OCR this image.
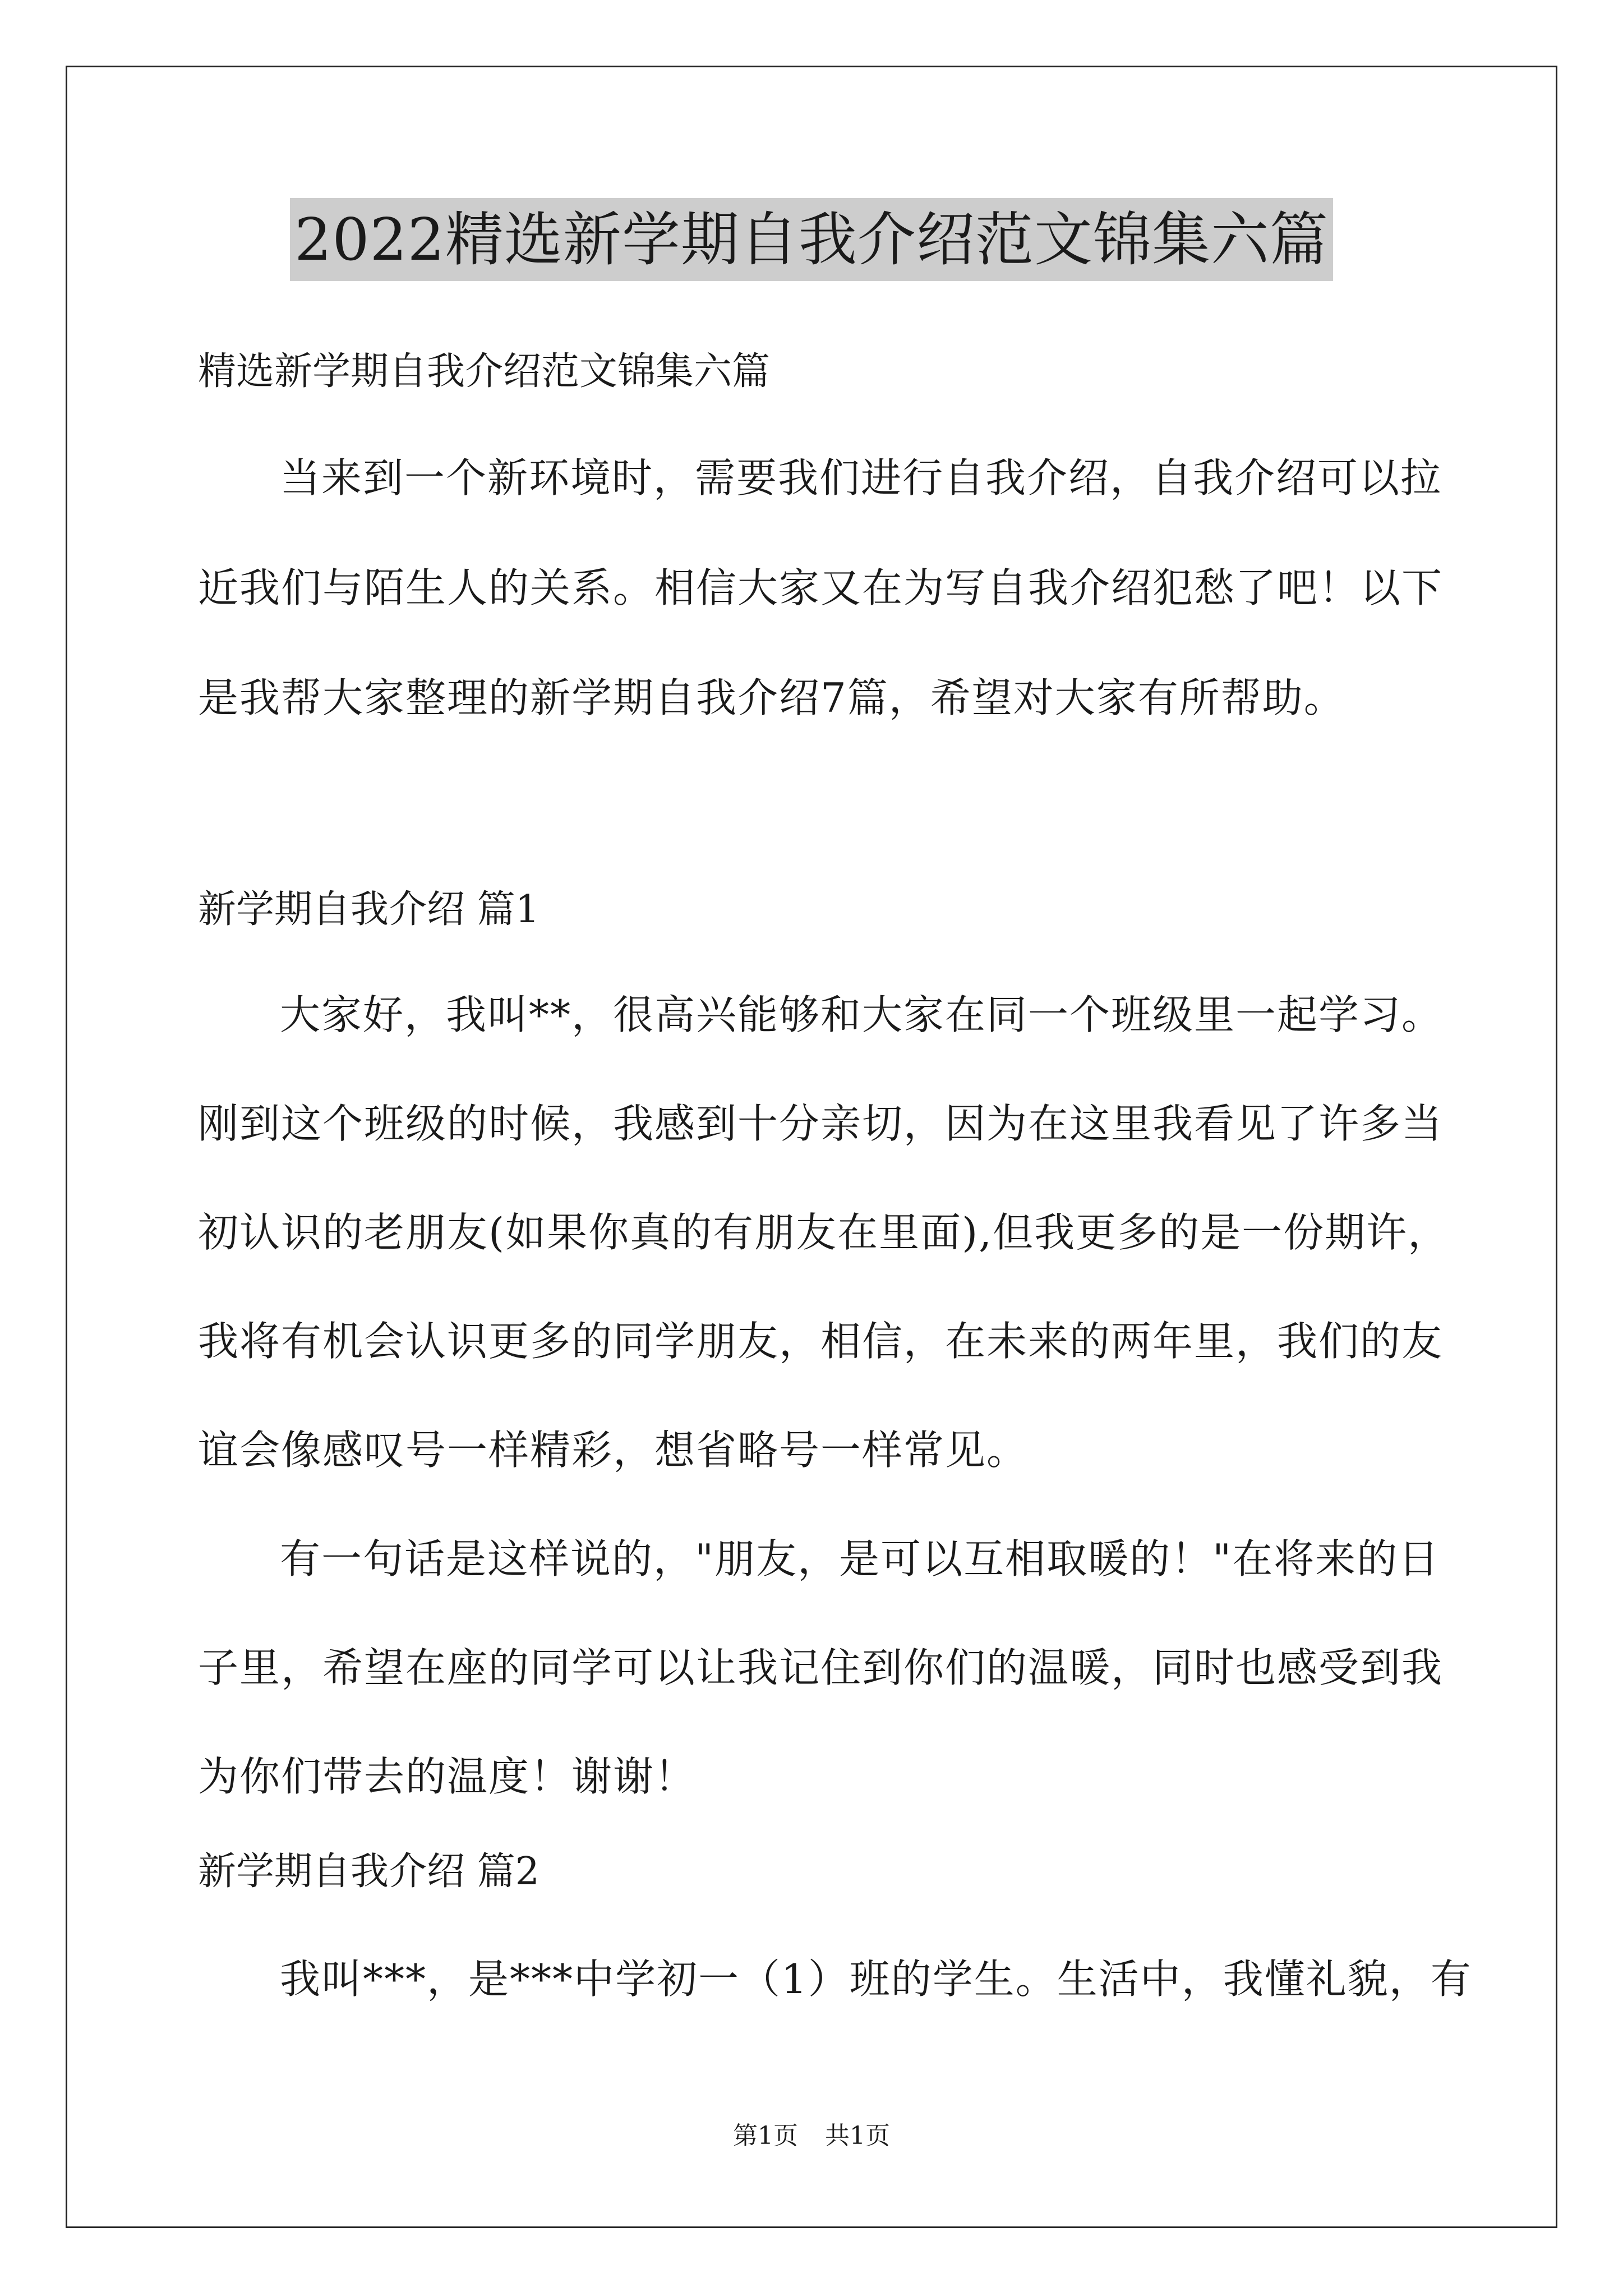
2022精选新学期自我介绍范文锦集六篇
精选新学期自我介绍范文锦集六篇
当来到一个新环境时，需要我们进行自我介绍，自我介绍可以拉
近我们与陌生人的关系。相信大家又在为写自我介绍犯愁了吧！以下
是我帮大家整理的新学期自我介绍7篇，希望对大家有所帮助。
新学期自我介绍 篇1
大家好，我叫**，很高兴能够和大家在同一个班级里一起学习。
刚到这个班级的时候，我感到十分亲切，因为在这里我看见了许多当
初认识的老朋友(如果你真的有朋友在里面),但我更多的是一份期许，
我将有机会认识更多的同学朋友，相信，在未来的两年里，我们的友
谊会像感叹号一样精彩，想省略号一样常见。
有一句话是这样说的，"朋友，是可以互相取暖的！"在将来的日
子里，希望在座的同学可以让我记住到你们的温暖，同时也感受到我
为你们带去的温度！谢谢！
新学期自我介绍 篇2
我叫***，是***中学初一（1）班的学生。生活中，我懂礼貌，有
第1页 共1页
